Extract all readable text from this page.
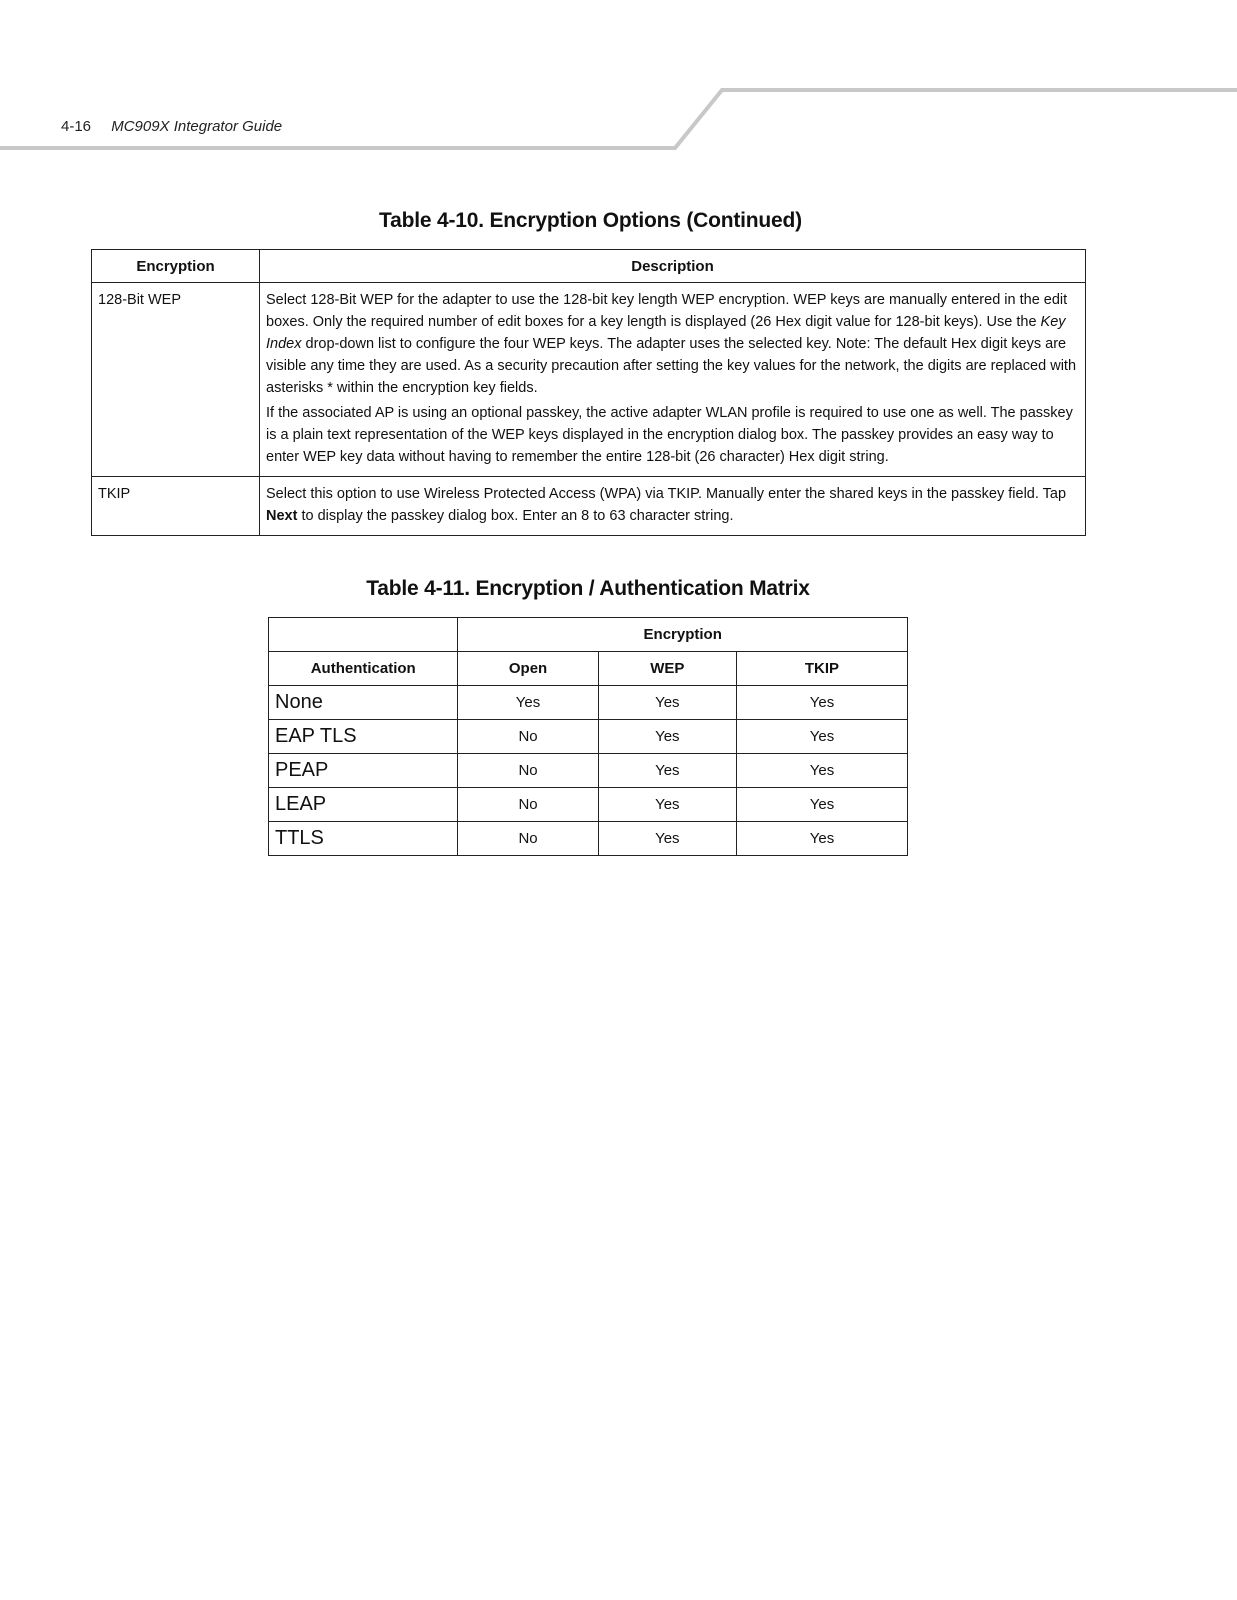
4-16 MC909X Integrator Guide
Table 4-10. Encryption Options (Continued)
Encryption	Description
128-Bit WEP	Select 128-Bit WEP for the adapter to use the 128-bit key length WEP encryption. WEP keys are manually entered in the edit boxes. Only the required number of edit boxes for a key length is displayed (26 Hex digit value for 128-bit keys). Use the Key Index drop-down list to configure the four WEP keys. The adapter uses the selected key. Note: The default Hex digit keys are visible any time they are used. As a security precaution after setting the key values for the network, the digits are replaced with asterisks * within the encryption key fields.

If the associated AP is using an optional passkey, the active adapter WLAN profile is required to use one as well. The passkey is a plain text representation of the WEP keys displayed in the encryption dialog box. The passkey provides an easy way to enter WEP key data without having to remember the entire 128-bit (26 character) Hex digit string.

TKIP	Select this option to use Wireless Protected Access (WPA) via TKIP. Manually enter the shared keys in the passkey field. Tap Next to display the passkey dialog box. Enter an 8 to 63 character string.

Table 4-11. Encryption / Authentication Matrix
	Encryption		
Authentication	Open	WEP	TKIP
None	Yes	Yes	Yes
EAP TLS	No	Yes	Yes
PEAP	No	Yes	Yes
LEAP	No	Yes	Yes
TTLS	No	Yes	Yes
